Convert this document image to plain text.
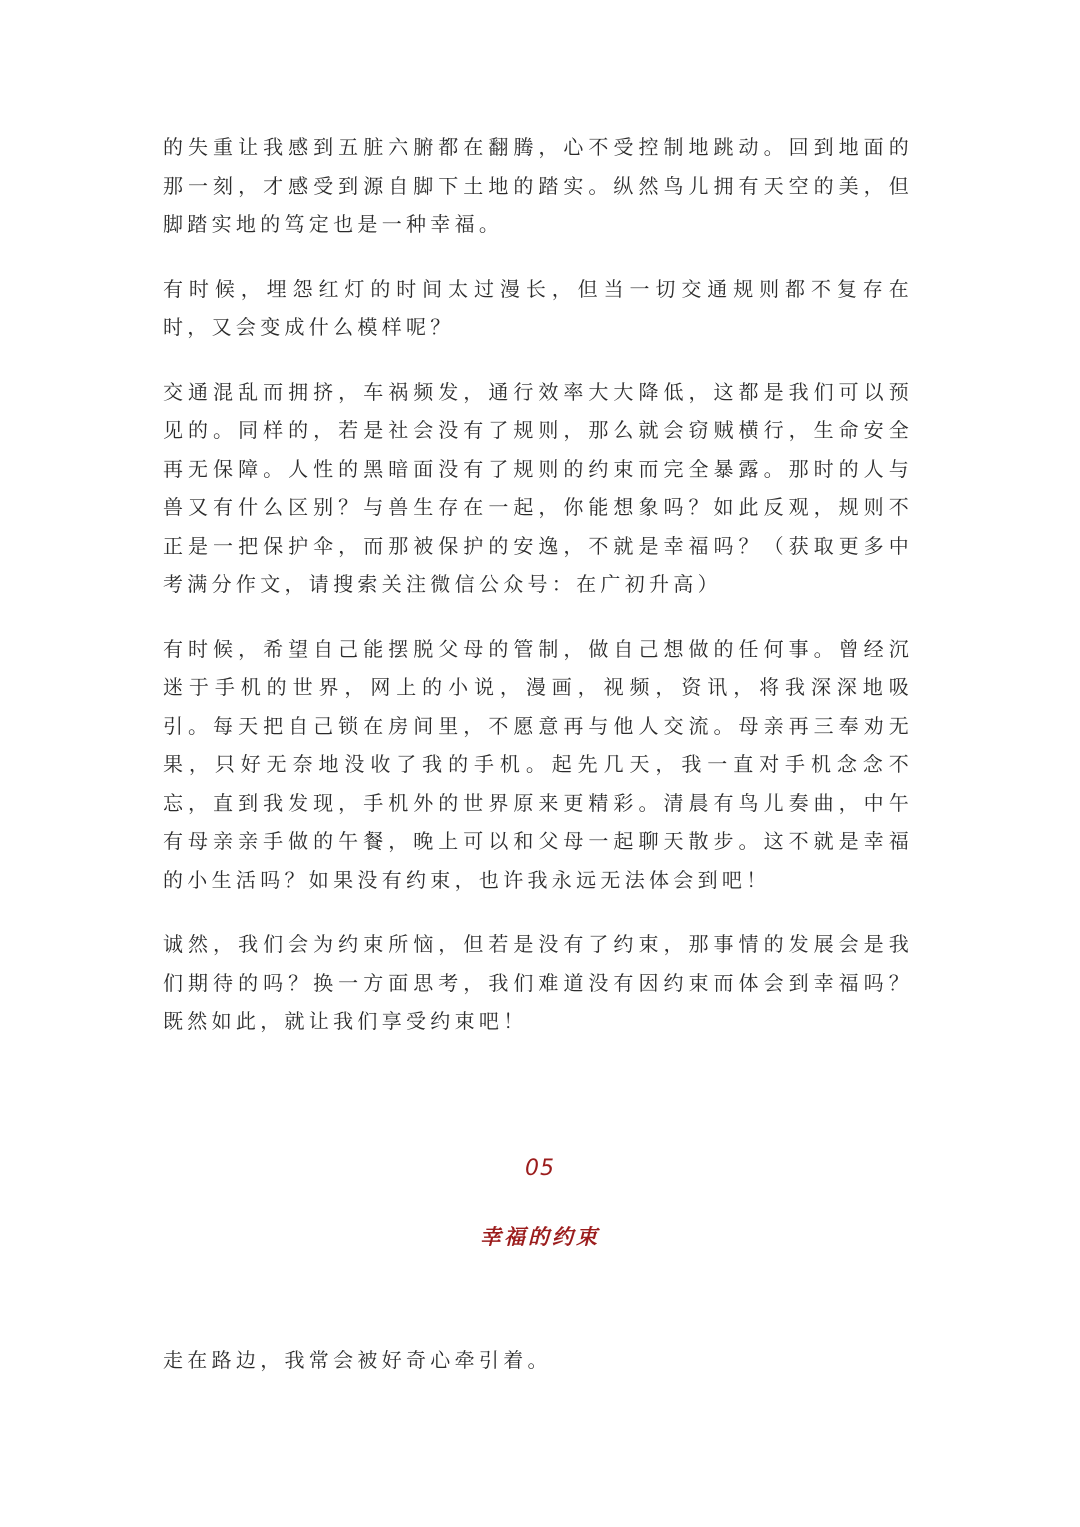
的失重让我感到五脏六腑都在翻腾，心不受控制地跳动。回到地面的那一刻，才感受到源自脚下土地的踏实。纵然鸟儿拥有天空的美，但脚踏实地的笃定也是一种幸福。

有时候，埋怨红灯的时间太过漫长，但当一切交通规则都不复存在时，又会变成什么模样呢？

交通混乱而拥挤，车祸频发，通行效率大大降低，这都是我们可以预见的。同样的，若是社会没有了规则，那么就会窃贼横行，生命安全再无保障。人性的黑暗面没有了规则的约束而完全暴露。那时的人与兽又有什么区别？与兽生存在一起，你能想象吗？如此反观，规则不正是一把保护伞，而那被保护的安逸，不就是幸福吗？（获取更多中考满分作文，请搜索关注微信公众号：在广初升高）

有时候，希望自己能摆脱父母的管制，做自己想做的任何事。曾经沉迷于手机的世界，网上的小说，漫画，视频，资讯，将我深深地吸引。每天把自己锁在房间里，不愿意再与他人交流。母亲再三奉劝无果，只好无奈地没收了我的手机。起先几天，我一直对手机念念不忘，直到我发现，手机外的世界原来更精彩。清晨有鸟儿奏曲，中午有母亲亲手做的午餐，晚上可以和父母一起聊天散步。这不就是幸福的小生活吗？如果没有约束，也许我永远无法体会到吧！

诚然，我们会为约束所恼，但若是没有了约束，那事情的发展会是我们期待的吗？换一方面思考，我们难道没有因约束而体会到幸福吗？既然如此，就让我们享受约束吧！

05
幸福的约束

走在路边，我常会被好奇心牵引着。
